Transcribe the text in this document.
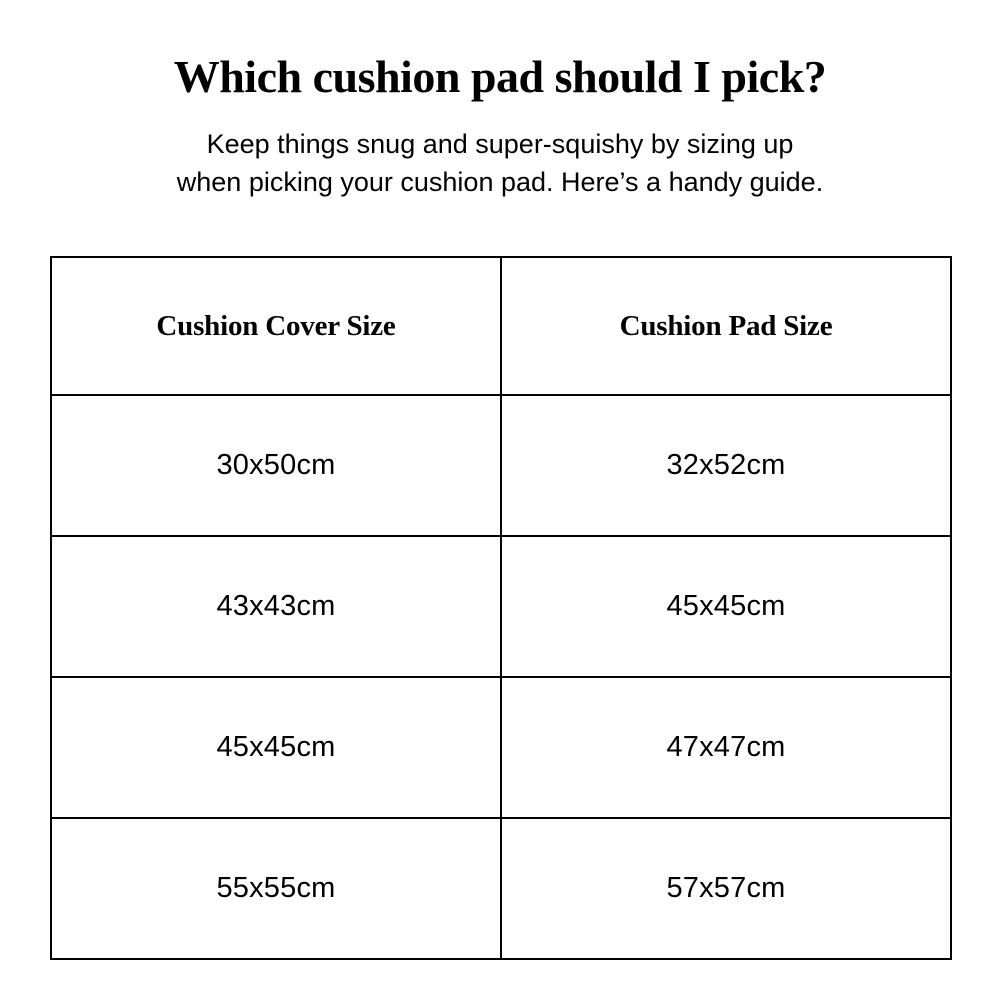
Which cushion pad should I pick?

Keep things snug and super-squishy by sizing up
when picking your cushion pad. Here’s a handy guide.

Cushion Cover Size	Cushion Pad Size
30x50cm	32x52cm
43x43cm	45x45cm
45x45cm	47x47cm
55x55cm	57x57cm
